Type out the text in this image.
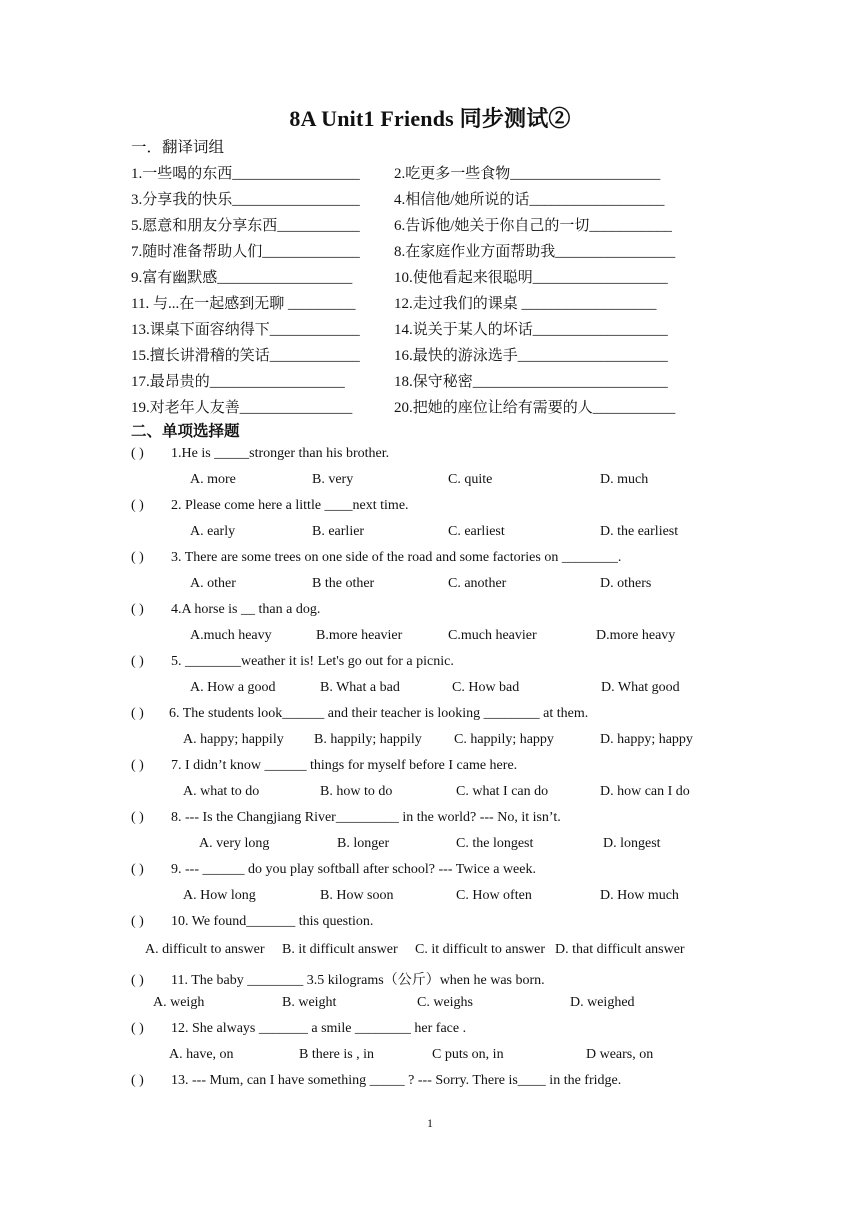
8A Unit1 Friends 同步测试②
一．翻译词组
1.一些喝的东西_________________ 2.吃更多一些食物____________________
3.分享我的快乐_________________ 4.相信他/她所说的话__________________
5.愿意和朋友分享东西___________ 6.告诉他/她关于你自己的一切___________
7.随时准备帮助人们_____________ 8.在家庭作业方面帮助我________________
9.富有幽默感__________________	10.使他看起来很聪明__________________
11. 与...在一起感到无聊 _________	12.走过我们的课桌 __________________
13.课桌下面容纳得下____________ 14.说关于某人的坏话__________________
15.擅长讲滑稽的笑话____________ 16.最快的游泳选手____________________
17.最昂贵的__________________	18.保守秘密__________________________
19.对老年人友善_______________	20.把她的座位让给有需要的人___________
二、单项选择题
( ) 1.He is _____stronger than his brother.
A. more	B. very	C. quite	D. much
( ) 2. Please come here a little ____next time.
A. early	B. earlier	C. earliest	D. the earliest
( ) 3. There are some trees on one side of the road and some factories on ________.
A. other	B the other	C. another	D. others
( ) 4.A horse is __ than a dog.
A.much heavy	B.more heavier	C.much heavier	D.more heavy
( ) 5. ________weather it is! Let's go out for a picnic.
A. How a good	B. What a bad	C. How bad	D. What good
( ) 6. The students look______ and their teacher is looking ________ at them.
A. happy; happily B. happily; happily C. happily; happy	D. happy; happy
( ) 7. I didn’t know ______ things for myself before I came here.
A. what to do	B. how to do	C. what I can do	D. how can I do
( ) 8. --- Is the Changjiang River_________ in the world? --- No, it isn’t.
A. very long	B. longer	C. the longest	D. longest
( ) 9. --- ______ do you play softball after school? --- Twice a week.
A. How long	B. How soon	C. How often	D. How much
( ) 10. We found_______ this question.
A. difficult to answer B. it difficult answer C. it difficult to answer D. that difficult answer
( ) 11. The baby ________ 3.5 kilograms（公斤）when he was born.
A. weigh	B. weight	C. weighs	D. weighed
( ) 12. She always _______ a smile ________ her face .
A. have, on	B there is , in	C puts on, in	D wears, on
( ) 13. --- Mum, can I have something _____ ? --- Sorry. There is____ in the fridge.
1
